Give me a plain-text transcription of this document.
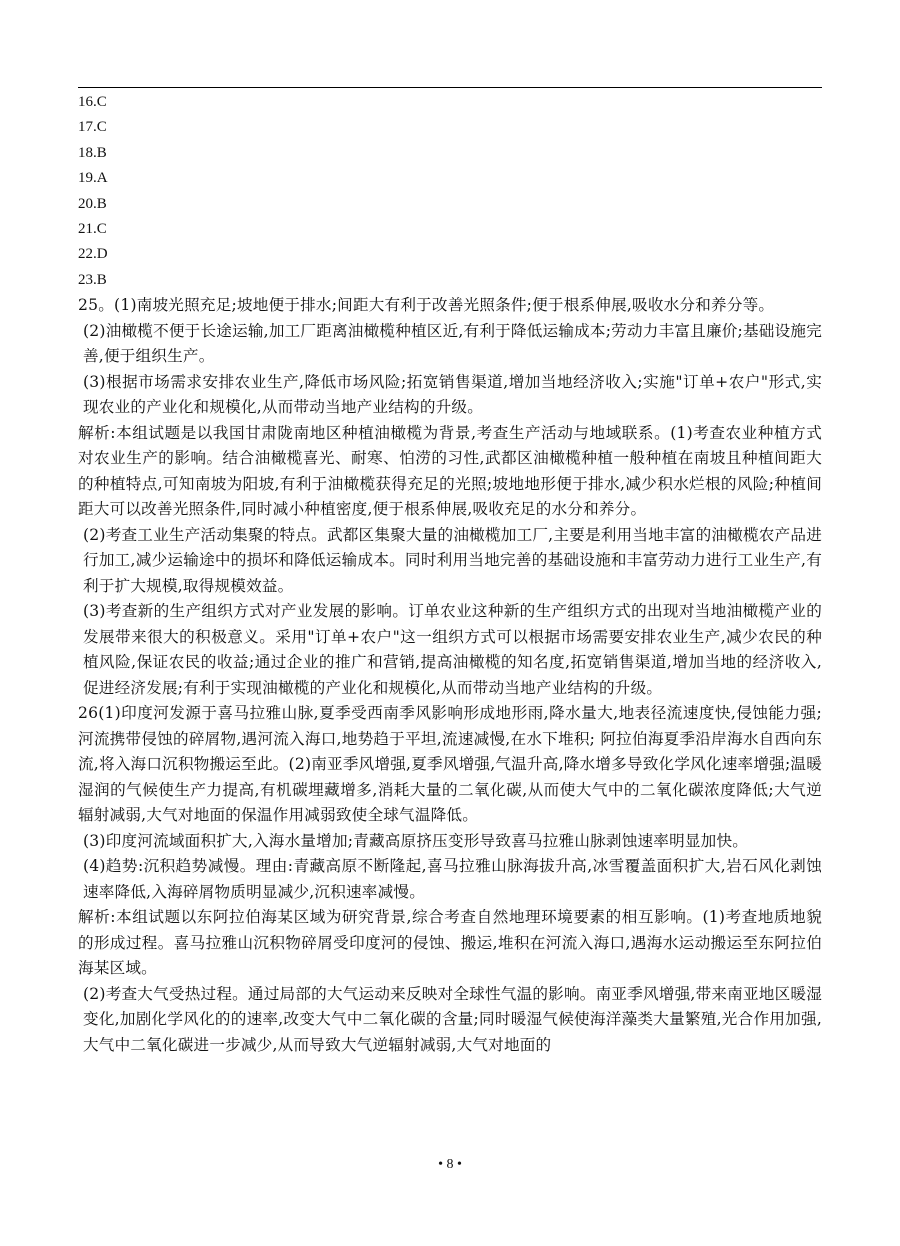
16.C
17.C
18.B
19.A
20.B
21.C
22.D
23.B

25。(1)南坡光照充足;坡地便于排水;间距大有利于改善光照条件;便于根系伸展,吸收水分和养分等。

(2)油橄榄不便于长途运输,加工厂距离油橄榄种植区近,有利于降低运输成本;劳动力丰富且廉价;基础设施完善,便于组织生产。

(3)根据市场需求安排农业生产,降低市场风险;拓宽销售渠道,增加当地经济收入;实施"订单+农户"形式,实现农业的产业化和规模化,从而带动当地产业结构的升级。

解析:本组试题是以我国甘肃陇南地区种植油橄榄为背景,考查生产活动与地域联系。(1)考查农业种植方式对农业生产的影响。结合油橄榄喜光、耐寒、怕涝的习性,武都区油橄榄种植一般种植在南坡且种植间距大的种植特点,可知南坡为阳坡,有利于油橄榄获得充足的光照;坡地地形便于排水,减少积水烂根的风险;种植间距大可以改善光照条件,同时减小种植密度,便于根系伸展,吸收充足的水分和养分。

(2)考查工业生产活动集聚的特点。武都区集聚大量的油橄榄加工厂,主要是利用当地丰富的油橄榄农产品进行加工,减少运输途中的损坏和降低运输成本。同时利用当地完善的基础设施和丰富劳动力进行工业生产,有利于扩大规模,取得规模效益。

(3)考查新的生产组织方式对产业发展的影响。订单农业这种新的生产组织方式的出现对当地油橄榄产业的发展带来很大的积极意义。采用"订单+农户"这一组织方式可以根据市场需要安排农业生产,减少农民的种植风险,保证农民的收益;通过企业的推广和营销,提高油橄榄的知名度,拓宽销售渠道,增加当地的经济收入,促进经济发展;有利于实现油橄榄的产业化和规模化,从而带动当地产业结构的升级。

26(1)印度河发源于喜马拉雅山脉,夏季受西南季风影响形成地形雨,降水量大,地表径流速度快,侵蚀能力强;河流携带侵蚀的碎屑物,遇河流入海口,地势趋于平坦,流速减慢,在水下堆积; 阿拉伯海夏季沿岸海水自西向东流,将入海口沉积物搬运至此。(2)南亚季风增强,夏季风增强,气温升高,降水增多导致化学风化速率增强;温暖湿润的气候使生产力提高,有机碳埋藏增多,消耗大量的二氧化碳,从而使大气中的二氧化碳浓度降低;大气逆辐射减弱,大气对地面的保温作用减弱致使全球气温降低。

(3)印度河流域面积扩大,入海水量增加;青藏高原挤压变形导致喜马拉雅山脉剥蚀速率明显加快。

(4)趋势:沉积趋势减慢。理由:青藏高原不断隆起,喜马拉雅山脉海拔升高,冰雪覆盖面积扩大,岩石风化剥蚀速率降低,入海碎屑物质明显减少,沉积速率减慢。

解析:本组试题以东阿拉伯海某区域为研究背景,综合考查自然地理环境要素的相互影响。(1)考查地质地貌的形成过程。喜马拉雅山沉积物碎屑受印度河的侵蚀、搬运,堆积在河流入海口,遇海水运动搬运至东阿拉伯海某区域。

(2)考查大气受热过程。通过局部的大气运动来反映对全球性气温的影响。南亚季风增强,带来南亚地区暖湿变化,加剧化学风化的的速率,改变大气中二氧化碳的含量;同时暖湿气候使海洋藻类大量繁殖,光合作用加强,大气中二氧化碳进一步减少,从而导致大气逆辐射减弱,大气对地面的

• 8 •
